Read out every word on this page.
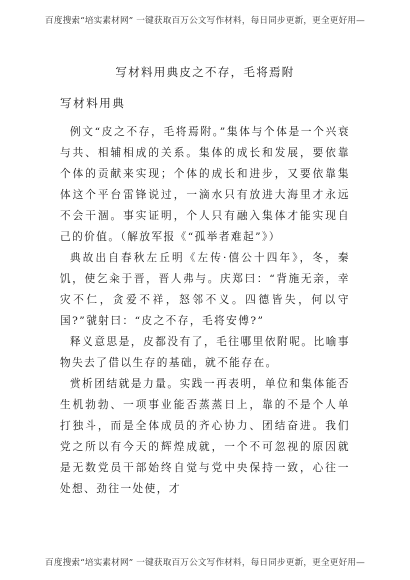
百度搜索“培实素材网” 一键获取百万公文写作材料，每日同步更新，更全更好用—
写材料用典皮之不存，毛将焉附
写材料用典

例文“皮之不存，毛将焉附。”集体与个体是一个兴衰与共、相辅相成的关系。集体的成长和发展，要依靠个体的贡献来实现；个体的成长和进步，又要依靠集体这个平台雷锋说过，一滴水只有放进大海里才永远不会干涸。事实证明，个人只有融入集体才能实现自己的价值。（解放军报《“孤举者难起”》）

典故出自春秋左丘明《左传·僖公十四年》，冬，秦饥，使乞籴于晋，晋人弗与。庆郑曰：“背施无亲，幸灾不仁，贪爱不祥，怒邻不义。四德皆失，何以守国?”虢射曰：“皮之不存，毛将安傅?”

释义意思是，皮都没有了，毛往哪里依附呢。比喻事物失去了借以生存的基础，就不能存在。

赏析团结就是力量。实践一再表明，单位和集体能否生机勃勃、一项事业能否蒸蒸日上，靠的不是个人单打独斗，而是全体成员的齐心协力、团结奋进。我们党之所以有今天的辉煌成就，一个不可忽视的原因就是无数党员干部始终自觉与党中央保持一致，心往一处想、劲往一处使，才

百度搜索“培实素材网” 一键获取百万公文写作材料，每日同步更新，更全更好用—
